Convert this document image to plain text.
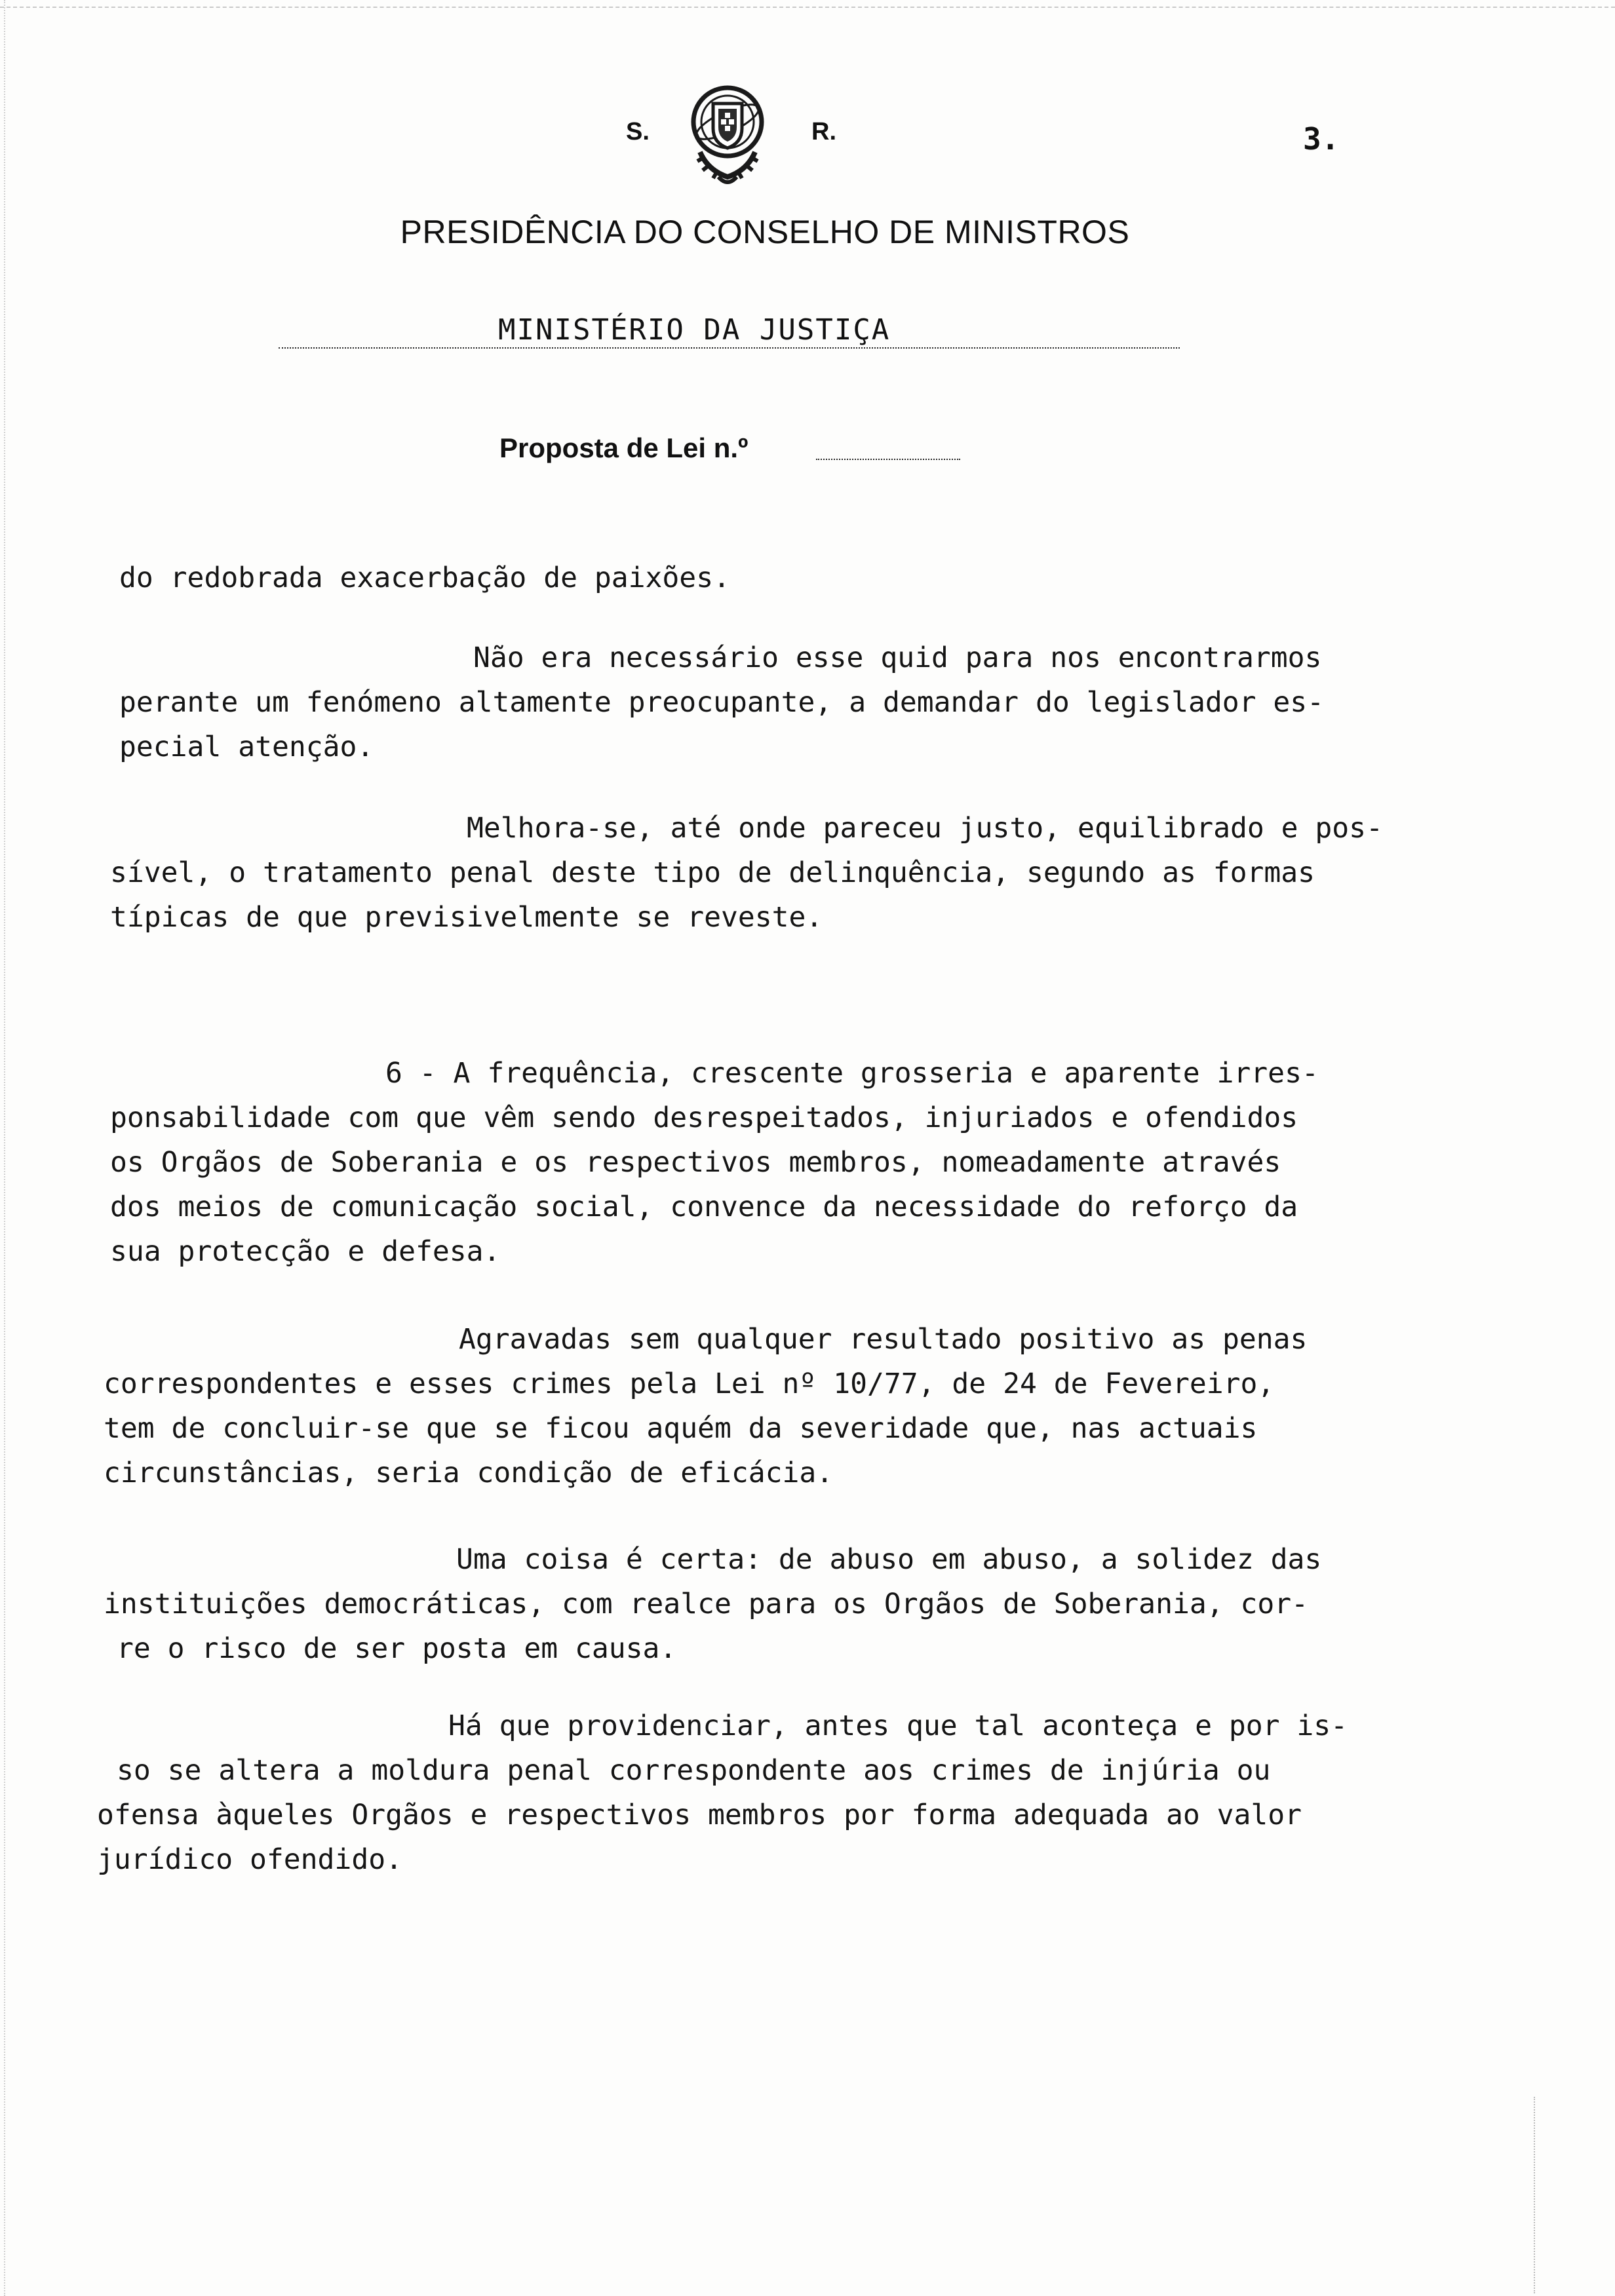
S.	R.	3.
PRESIDÊNCIA DO CONSELHO DE MINISTROS
MINISTÉRIO DA JUSTIÇA
Proposta de Lei n.º

do redobrada exacerbação de paixões.

Não era necessário esse quid para nos encontrarmos

perante um fenómeno altamente preocupante, a demandar do legislador es-

pecial atenção.

Melhora-se, até onde pareceu justo, equilibrado e pos-

sível, o tratamento penal deste tipo de delinquência, segundo as formas

típicas de que previsivelmente se reveste.

6 - A frequência, crescente grosseria e aparente irres-

ponsabilidade com que vêm sendo desrespeitados, injuriados e ofendidos

os Orgãos de Soberania e os respectivos membros, nomeadamente através

dos meios de comunicação social, convence da necessidade do reforço da

sua protecção e defesa.

Agravadas sem qualquer resultado positivo as penas

correspondentes e esses crimes pela Lei nº 10/77, de 24 de Fevereiro,

tem de concluir-se que se ficou aquém da severidade que, nas actuais

circunstâncias, seria condição de eficácia.

Uma coisa é certa: de abuso em abuso, a solidez das

instituições democráticas, com realce para os Orgãos de Soberania, cor-

re o risco de ser posta em causa.

Há que providenciar, antes que tal aconteça e por is-

so se altera a moldura penal correspondente aos crimes de injúria ou

ofensa àqueles Orgãos e respectivos membros por forma adequada ao valor

jurídico ofendido.
